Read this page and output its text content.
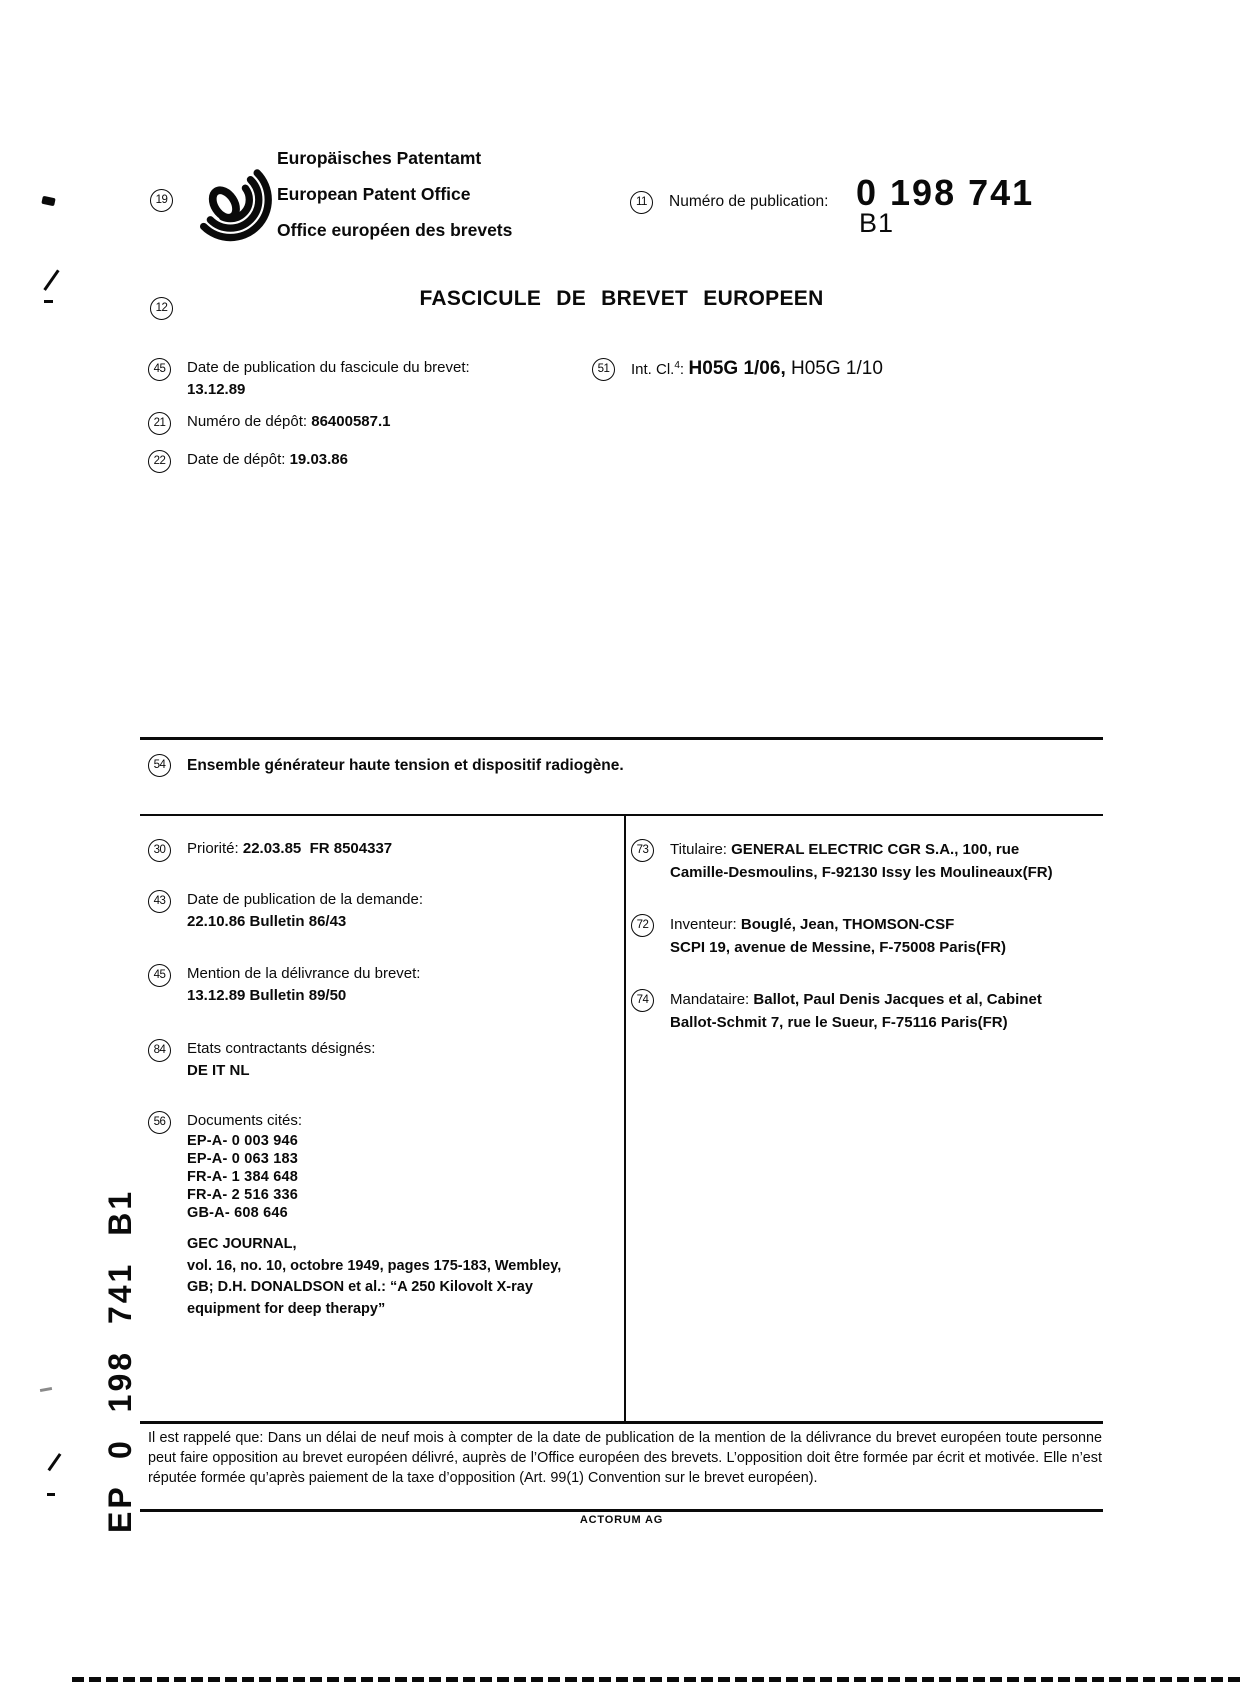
19
Europäisches Patentamt
European Patent Office
Office européen des brevets
11	Numéro de publication: 0 198 741
B1
12	FASCICULE DE BREVET EUROPEEN
45	Date de publication du fascicule du brevet:
13.12.89
51	Int. Cl.$^4$: H05G 1/06, H05G 1/10
21	Numéro de dépôt: 86400587.1
22	Date de dépôt: 19.03.86
54	Ensemble générateur haute tension et dispositif radiogène.
30	Priorité: 22.03.85  FR 8504337
43	Date de publication de la demande:
22.10.86 Bulletin 86/43
45	Mention de la délivrance du brevet:
13.12.89 Bulletin 89/50
84	Etats contractants désignés:
DE IT NL
56	Documents cités:
EP-A- 0 003 946
EP-A- 0 063 183
FR-A- 1 384 648
FR-A- 2 516 336
GB-A- 608 646
GEC JOURNAL,
vol. 16, no. 10, octobre 1949, pages 175-183, Wembley,
GB; D.H. DONALDSON et al.: “A 250 Kilovolt X-ray
equipment for deep therapy”
73	Titulaire: GENERAL ELECTRIC CGR S.A., 100, rue
Camille-Desmoulins, F-92130 Issy les Moulineaux(FR)
72	Inventeur: Bouglé, Jean, THOMSON-CSF
SCPI 19, avenue de Messine, F-75008 Paris(FR)
74	Mandataire: Ballot, Paul Denis Jacques et al, Cabinet
Ballot-Schmit 7, rue le Sueur, F-75116 Paris(FR)
EP 0 198 741 B1 Il est rappelé que: Dans un délai de neuf mois à compter de la date de publication de la mention de la délivrance du brevet européen toute personne peut faire opposition au brevet européen délivré, auprès de l’Office européen des brevets. L’opposition doit être formée par écrit et motivée. Elle n’est réputée formée qu’après paiement de la taxe d’opposition (Art. 99(1) Convention sur le brevet européen).
ACTORUM AG
